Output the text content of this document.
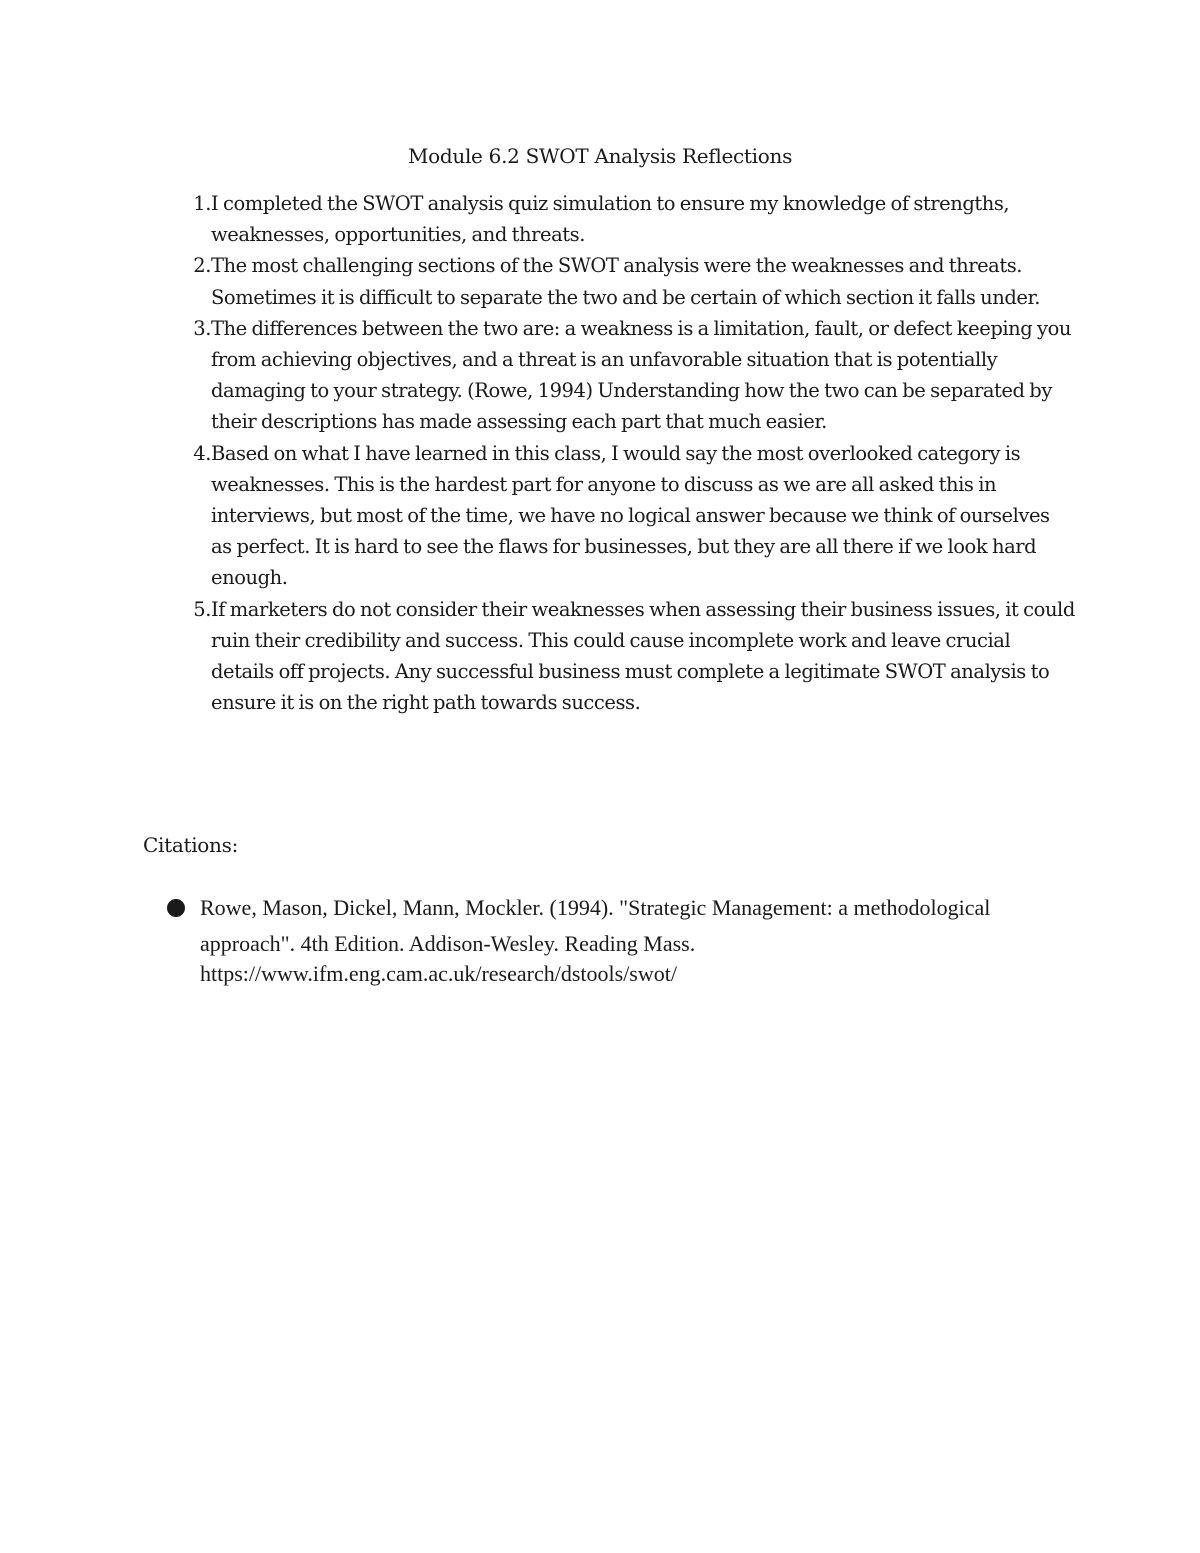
Module 6.2 SWOT Analysis Reflections
1. I completed the SWOT analysis quiz simulation to ensure my knowledge of strengths, weaknesses, opportunities, and threats.
2. The most challenging sections of the SWOT analysis were the weaknesses and threats. Sometimes it is difficult to separate the two and be certain of which section it falls under.
3. The differences between the two are: a weakness is a limitation, fault, or defect keeping you from achieving objectives, and a threat is an unfavorable situation that is potentially damaging to your strategy. (Rowe, 1994) Understanding how the two can be separated by their descriptions has made assessing each part that much easier.
4. Based on what I have learned in this class, I would say the most overlooked category is weaknesses. This is the hardest part for anyone to discuss as we are all asked this in interviews, but most of the time, we have no logical answer because we think of ourselves as perfect. It is hard to see the flaws for businesses, but they are all there if we look hard enough.
5. If marketers do not consider their weaknesses when assessing their business issues, it could ruin their credibility and success. This could cause incomplete work and leave crucial details off projects. Any successful business must complete a legitimate SWOT analysis to ensure it is on the right path towards success.
Citations:
Rowe, Mason, Dickel, Mann, Mockler. (1994). "Strategic Management: a methodological approach". 4th Edition. Addison-Wesley. Reading Mass.
https://www.ifm.eng.cam.ac.uk/research/dstools/swot/
